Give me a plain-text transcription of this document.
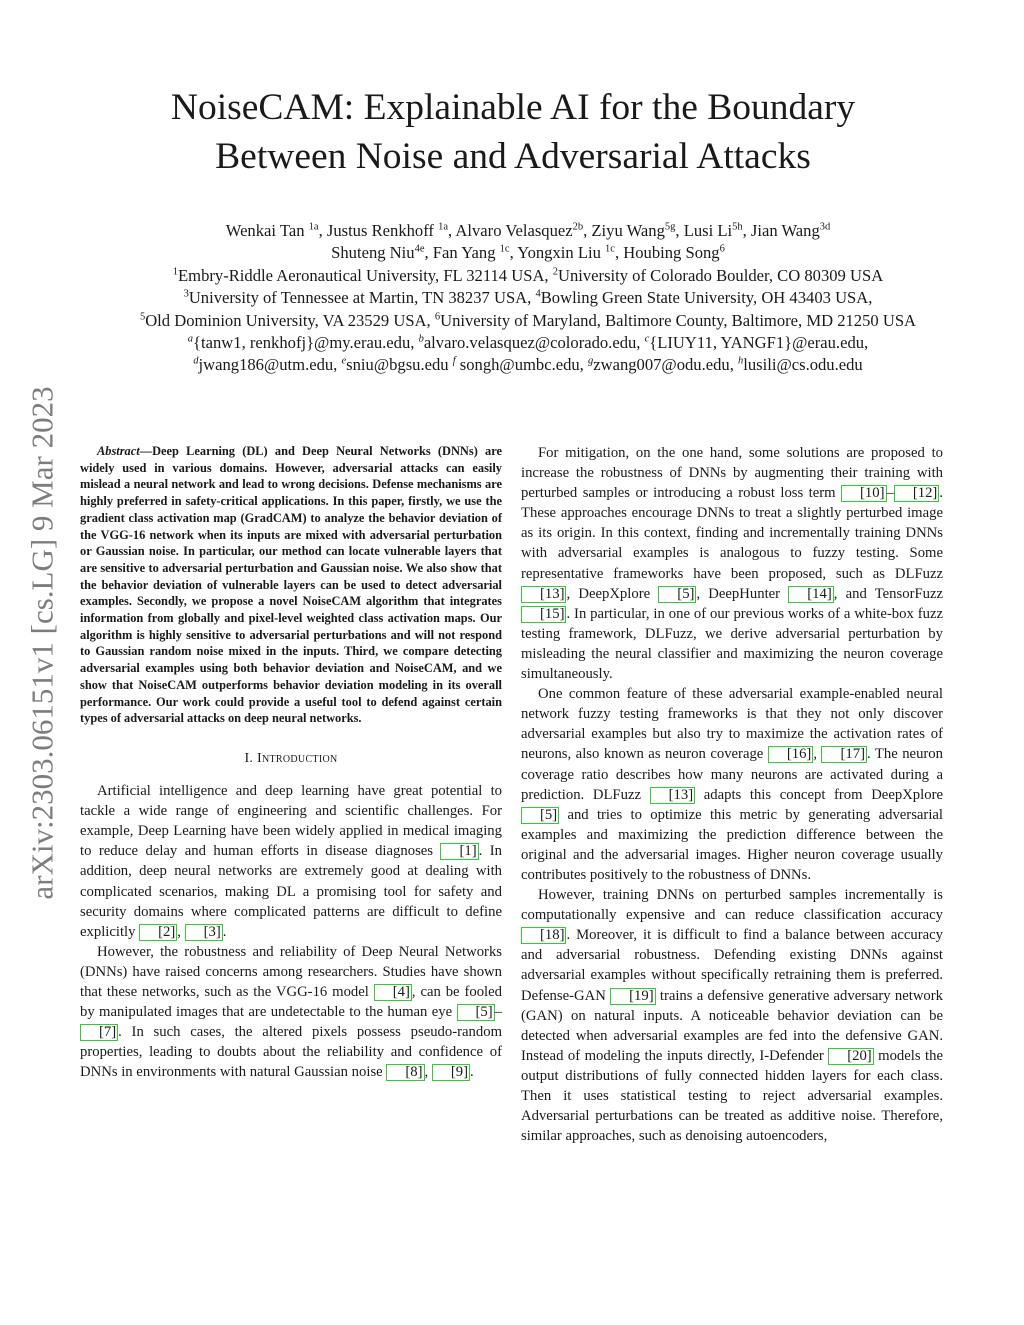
arXiv:2303.06151v1 [cs.LG] 9 Mar 2023
NoiseCAM: Explainable AI for the Boundary
Between Noise and Adversarial Attacks
Wenkai Tan $^{1a}$, Justus Renkhoff $^{1a}$, Alvaro Velasquez$^{2b}$, Ziyu Wang$^{5g}$, Lusi $Li^{5h}$, Jian Wang$^{3d}$
Shuteng Niu$^{4e}$, Fan Yang $^{1c}$, Yongxin Liu $^{1c}$, Houbing Song$^6$
$^1$Embry-Riddle Aeronautical University, FL 32114 USA, $^2$University of Colorado Boulder, CO 80309 USA
$^3$University of Tennessee at Martin, TN 38237 USA, $^4$Bowling Green State University, OH 43403 USA,
$^5$Old Dominion University, VA 23529 USA, $^6$University of Maryland, Baltimore County, Baltimore, MD 21250 USA
$^a${tanw1, renkhofj}@my.erau.edu, $^b$alvaro.velasquez@colorado.edu, $^c${LIUY11, YANGF1}@erau.edu,
$^d$jwang186@utm.edu, $^e$sniu@bgsu.edu $^f$ songh@umbc.edu, $^g$zwang007@odu.edu, $^h$lusili@cs.odu.edu

Abstract—Deep Learning (DL) and Deep Neural Networks (DNNs) are widely used in various domains. However, adversarial attacks can easily mislead a neural network and lead to wrong decisions. Defense mechanisms are highly preferred in safety-critical applications. In this paper, firstly, we use the gradient class activation map (GradCAM) to analyze the behavior deviation of the VGG-16 network when its inputs are mixed with adversarial perturbation or Gaussian noise. In particular, our method can locate vulnerable layers that are sensitive to adversarial perturbation and Gaussian noise. We also show that the behavior deviation of vulnerable layers can be used to detect adversarial examples. Secondly, we propose a novel NoiseCAM algorithm that integrates information from globally and pixel-level weighted class activation maps. Our algorithm is highly sensitive to adversarial perturbations and will not respond to Gaussian random noise mixed in the inputs. Third, we compare detecting adversarial examples using both behavior deviation and NoiseCAM, and we show that NoiseCAM outperforms behavior deviation modeling in its overall performance. Our work could provide a useful tool to defend against certain types of adversarial attacks on deep neural networks.

I. Introduction

Artificial intelligence and deep learning have great potential to tackle a wide range of engineering and scientific challenges. For example, Deep Learning have been widely applied in medical imaging to reduce delay and human efforts in disease diagnoses [1] . In addition, deep neural networks are extremely good at dealing with complicated scenarios, making DL a promising tool for safety and security domains where complicated patterns are difficult to define explicitly [2] , [3] .

However, the robustness and reliability of Deep Neural Networks (DNNs) have raised concerns among researchers. Studies have shown that these networks, such as the VGG-16 model [4] , can be fooled by manipulated images that are undetectable to the human eye [5] –[7] . In such cases, the altered pixels possess pseudo-random properties, leading to doubts about the reliability and confidence of DNNs in environments with natural Gaussian noise [8] , [9] .

For mitigation, on the one hand, some solutions are proposed to increase the robustness of DNNs by augmenting their training with perturbed samples or introducing a robust loss term [10] – [12] . These approaches encourage DNNs to treat a slightly perturbed image as its origin. In this context, finding and incrementally training DNNs with adversarial examples is analogous to fuzzy testing. Some representative frameworks have been proposed, such as DLFuzz [13] , DeepXplore [5] , DeepHunter [14] , and TensorFuzz [15] . In particular, in one of our previous works of a white-box fuzz testing framework, DLFuzz, we derive adversarial perturbation by misleading the neural classifier and maximizing the neuron coverage simultaneously.

One common feature of these adversarial example-enabled neural network fuzzy testing frameworks is that they not only discover adversarial examples but also try to maximize the activation rates of neurons, also known as neuron coverage [16] , [17] . The neuron coverage ratio describes how many neurons are activated during a prediction. DLFuzz [13] adapts this concept from DeepXplore [5] and tries to optimize this metric by generating adversarial examples and maximizing the prediction difference between the original and the adversarial images. Higher neuron coverage usually contributes positively to the robustness of DNNs.

However, training DNNs on perturbed samples incrementally is computationally expensive and can reduce classification accuracy [18] . Moreover, it is difficult to find a balance between accuracy and adversarial robustness. Defending existing DNNs against adversarial examples without specifically retraining them is preferred. Defense-GAN [19] trains a defensive generative adversary network (GAN) on natural inputs. A noticeable behavior deviation can be detected when adversarial examples are fed into the defensive GAN. Instead of modeling the inputs directly, I-Defender [20] models the output distributions of fully connected hidden layers for each class. Then it uses statistical testing to reject adversarial examples. Adversarial perturbations can be treated as additive noise. Therefore, similar approaches, such as denoising autoencoders,
